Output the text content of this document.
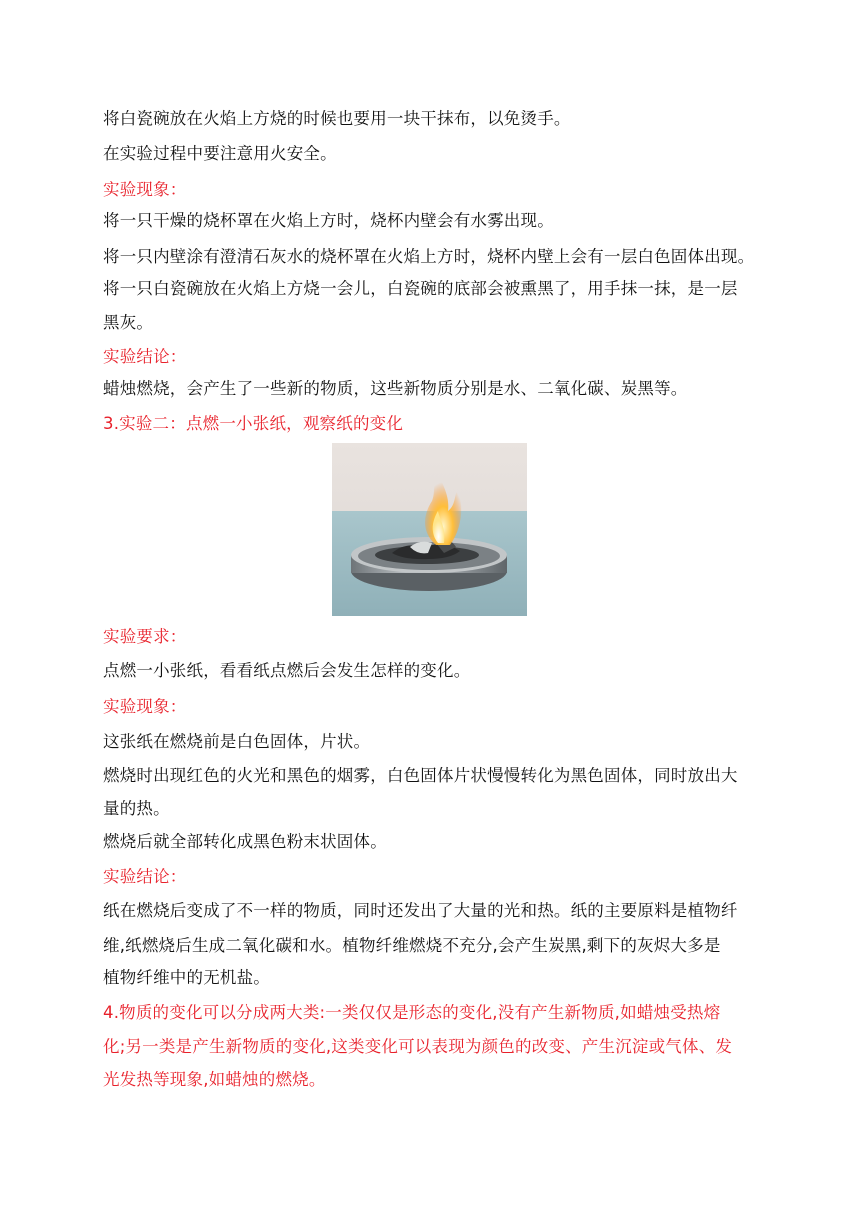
将白瓷碗放在火焰上方烧的时候也要用一块干抹布，以免烫手。
在实验过程中要注意用火安全。
实验现象：
将一只干燥的烧杯罩在火焰上方时，烧杯内壁会有水雾出现。
将一只内壁涂有澄清石灰水的烧杯罩在火焰上方时，烧杯内壁上会有一层白色固体出现。
将一只白瓷碗放在火焰上方烧一会儿，白瓷碗的底部会被熏黑了，用手抹一抹，是一层
黑灰。
实验结论：
蜡烛燃烧，会产生了一些新的物质，这些新物质分别是水、二氧化碳、炭黑等。
3.实验二：点燃一小张纸，观察纸的变化
实验要求：
点燃一小张纸，看看纸点燃后会发生怎样的变化。
实验现象：
这张纸在燃烧前是白色固体，片状。
燃烧时出现红色的火光和黑色的烟雾，白色固体片状慢慢转化为黑色固体，同时放出大
量的热。
燃烧后就全部转化成黑色粉末状固体。
实验结论：
纸在燃烧后变成了不一样的物质，同时还发出了大量的光和热。纸的主要原料是植物纤
维,纸燃烧后生成二氧化碳和水。植物纤维燃烧不充分,会产生炭黑,剩下的灰烬大多是
植物纤维中的无机盐。
4.物质的变化可以分成两大类:一类仅仅是形态的变化,没有产生新物质,如蜡烛受热熔
化;另一类是产生新物质的变化,这类变化可以表现为颜色的改变、产生沉淀或气体、发
光发热等现象,如蜡烛的燃烧。
